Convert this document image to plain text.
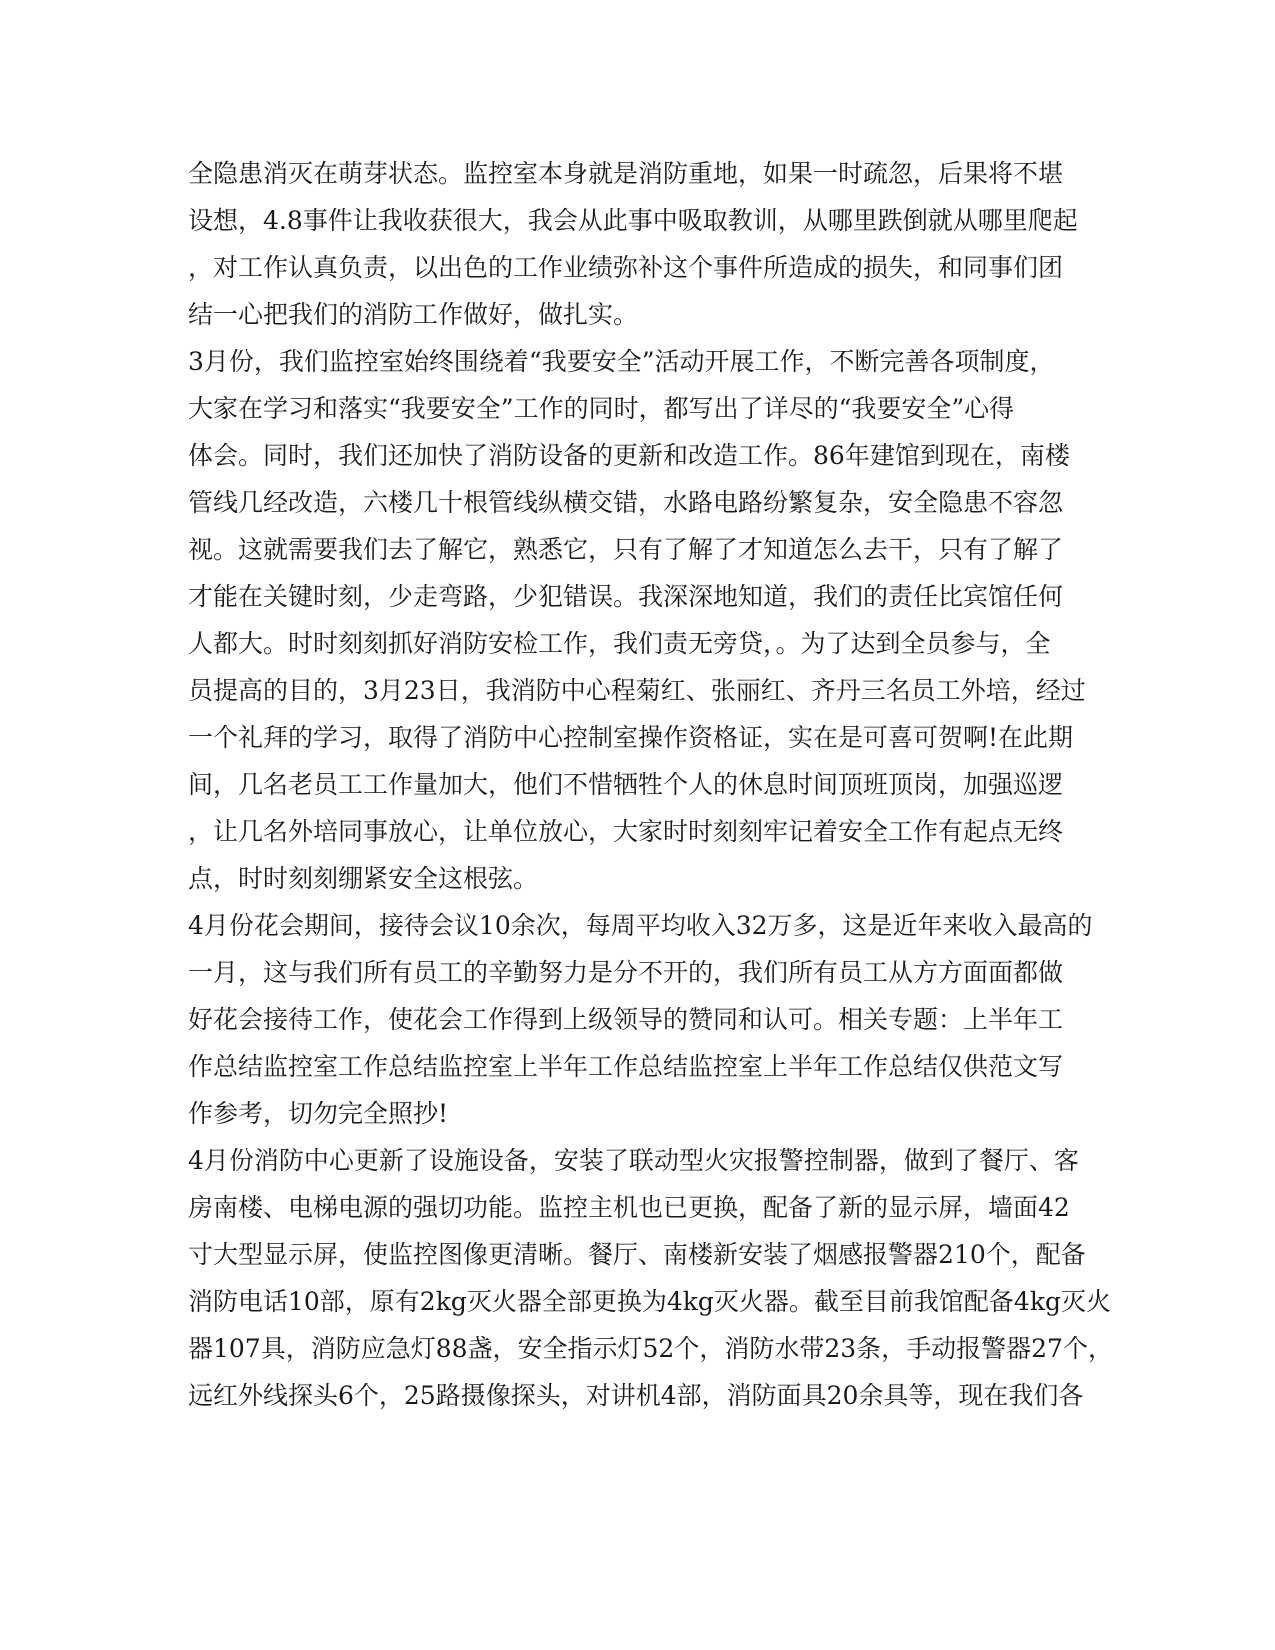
全隐患消灭在萌芽状态。监控室本身就是消防重地，如果一时疏忽，后果将不堪
设想，4.8事件让我收获很大，我会从此事中吸取教训，从哪里跌倒就从哪里爬起
，对工作认真负责，以出色的工作业绩弥补这个事件所造成的损失，和同事们团
结一心把我们的消防工作做好，做扎实。
3月份，我们监控室始终围绕着“我要安全”活动开展工作，不断完善各项制度，
大家在学习和落实“我要安全”工作的同时，都写出了详尽的“我要安全”心得
体会。同时，我们还加快了消防设备的更新和改造工作。86年建馆到现在，南楼
管线几经改造，六楼几十根管线纵横交错，水路电路纷繁复杂，安全隐患不容忽
视。这就需要我们去了解它，熟悉它，只有了解了才知道怎么去干，只有了解了
才能在关键时刻，少走弯路，少犯错误。我深深地知道，我们的责任比宾馆任何
人都大。时时刻刻抓好消防安检工作，我们责无旁贷，。为了达到全员参与，全
员提高的目的，3月23日，我消防中心程菊红、张丽红、齐丹三名员工外培，经过
一个礼拜的学习，取得了消防中心控制室操作资格证，实在是可喜可贺啊!在此期
间，几名老员工工作量加大，他们不惜牺牲个人的休息时间顶班顶岗，加强巡逻
，让几名外培同事放心，让单位放心，大家时时刻刻牢记着安全工作有起点无终
点，时时刻刻绷紧安全这根弦。
4月份花会期间，接待会议10余次，每周平均收入32万多，这是近年来收入最高的
一月，这与我们所有员工的辛勤努力是分不开的，我们所有员工从方方面面都做
好花会接待工作，使花会工作得到上级领导的赞同和认可。相关专题：上半年工
作总结监控室工作总结监控室上半年工作总结监控室上半年工作总结仅供范文写
作参考，切勿完全照抄!
4月份消防中心更新了设施设备，安装了联动型火灾报警控制器，做到了餐厅、客
房南楼、电梯电源的强切功能。监控主机也已更换，配备了新的显示屏，墙面42
寸大型显示屏，使监控图像更清晰。餐厅、南楼新安装了烟感报警器210个，配备
消防电话10部，原有2kg灭火器全部更换为4kg灭火器。截至目前我馆配备4kg灭火
器107具，消防应急灯88盏，安全指示灯52个，消防水带23条，手动报警器27个，
远红外线探头6个，25路摄像探头，对讲机4部，消防面具20余具等，现在我们各
